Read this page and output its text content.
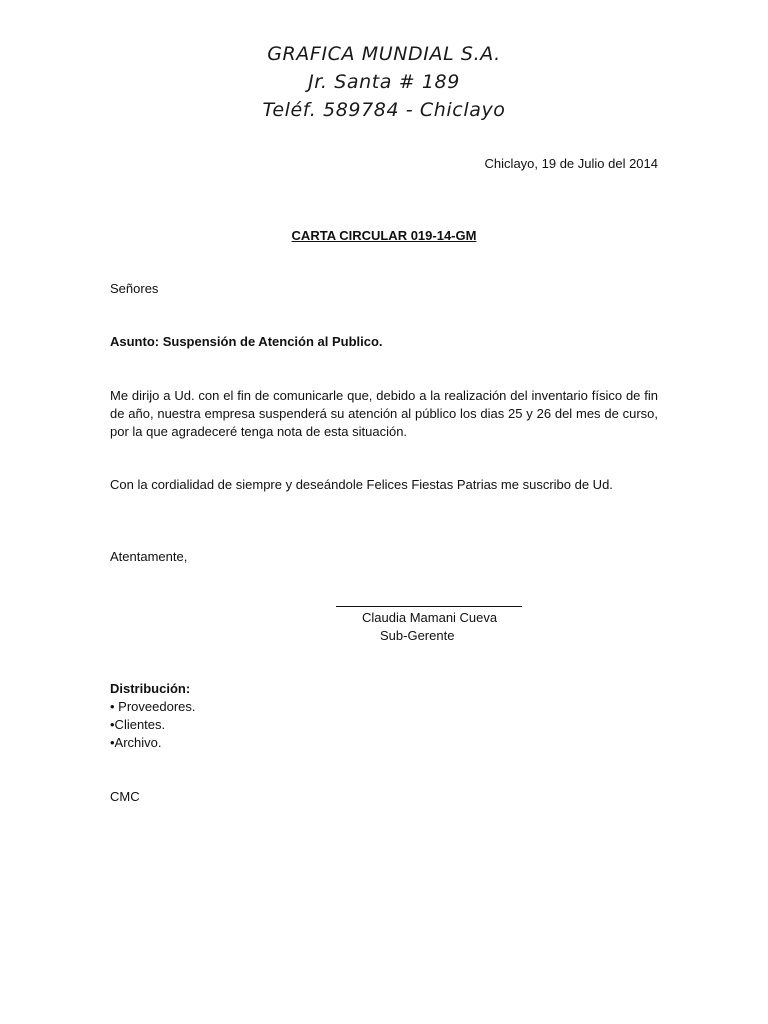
GRAFICA MUNDIAL S.A.
Jr. Santa # 189
Teléf. 589784 - Chiclayo
Chiclayo, 19 de Julio del 2014
CARTA CIRCULAR 019-14-GM
Señores
Asunto: Suspensión de Atención al Publico.
Me dirijo a Ud. con el fin de comunicarle que, debido a la realización del inventario físico de fin de año, nuestra empresa suspenderá su atención al público los dias 25 y 26 del mes de curso, por la que agradeceré tenga nota de esta situación.
Con la cordialidad de siempre y deseándole Felices Fiestas Patrias me suscribo de Ud.
Atentamente,
Claudia Mamani Cueva
Sub-Gerente
Distribución:
• Proveedores.
•Clientes.
•Archivo.
CMC
